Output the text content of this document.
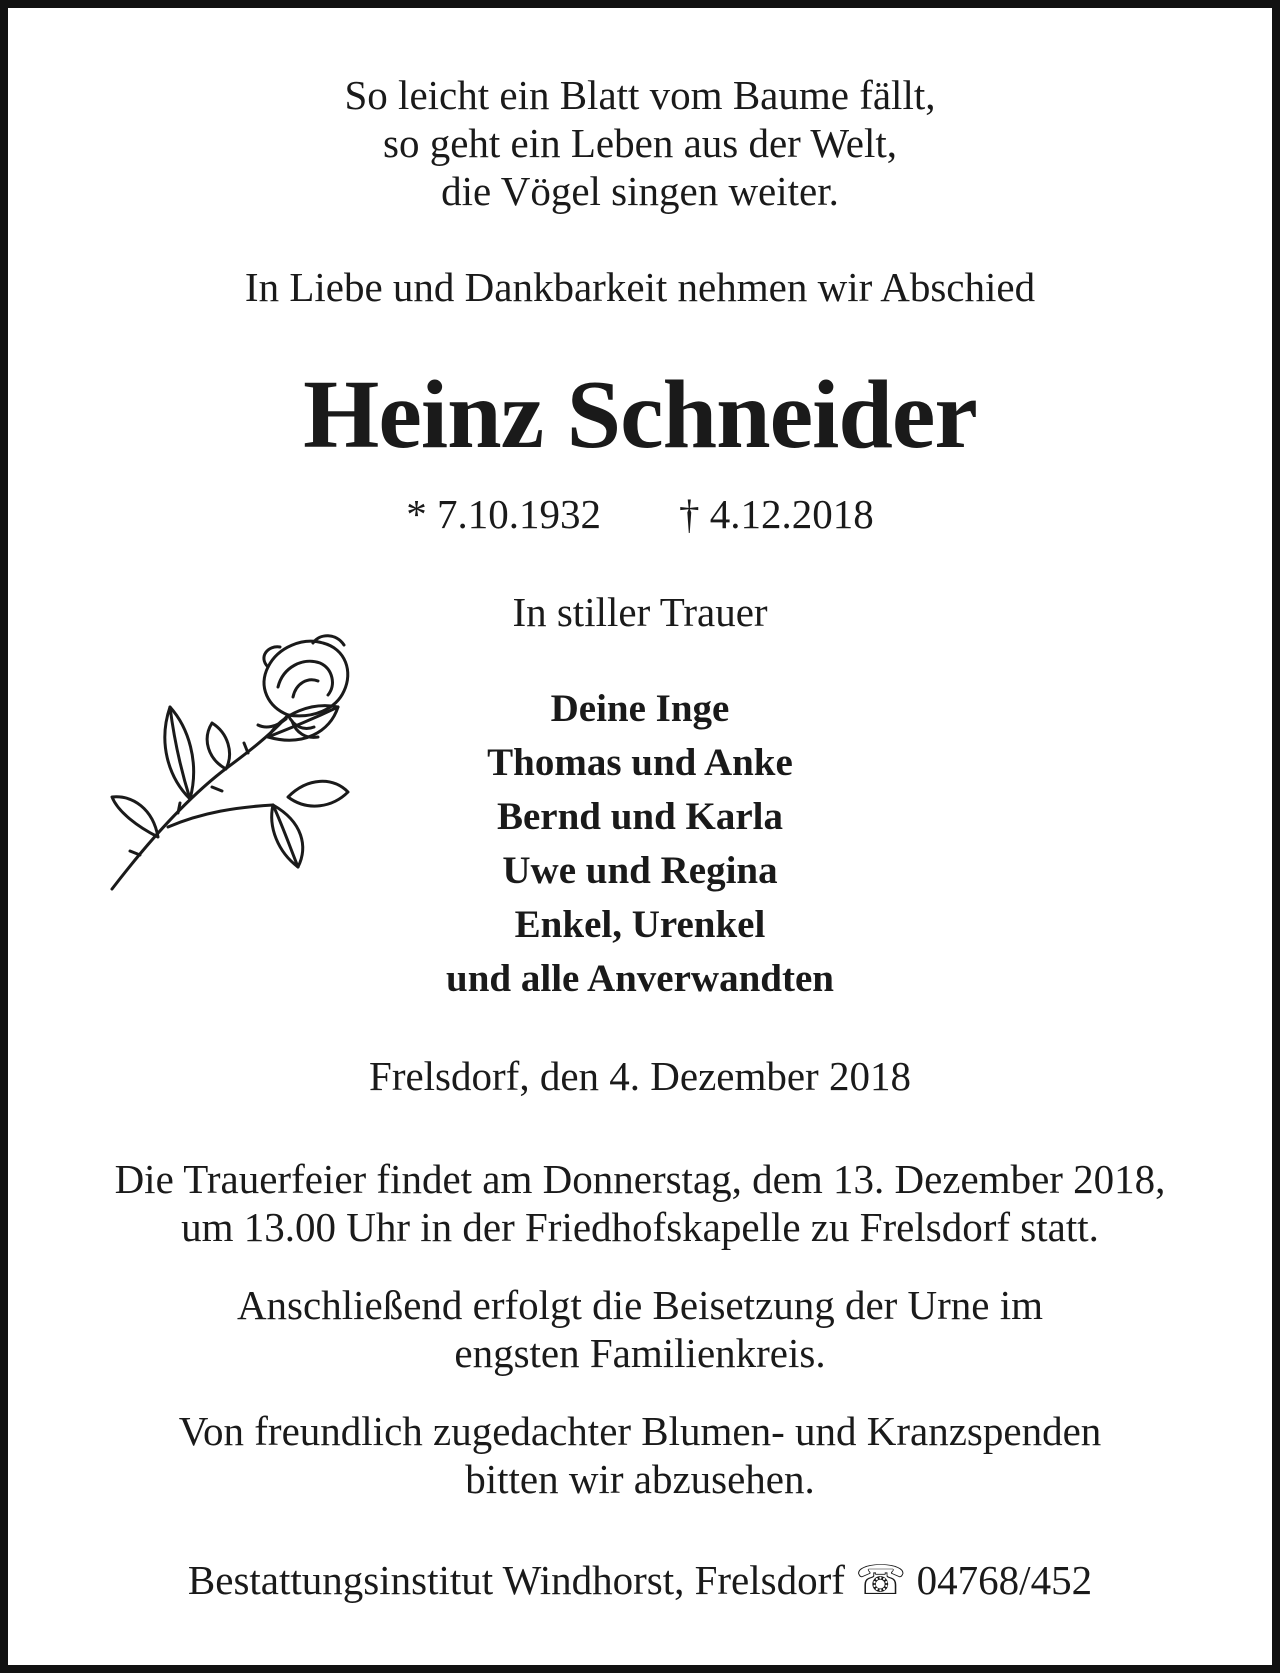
So leicht ein Blatt vom Baume fällt,
so geht ein Leben aus der Welt,
die Vögel singen weiter.
In Liebe und Dankbarkeit nehmen wir Abschied
Heinz Schneider
* 7.10.1932 † 4.12.2018
In stiller Trauer
Deine Inge
Thomas und Anke
Bernd und Karla
Uwe und Regina
Enkel, Urenkel
und alle Anverwandten
Frelsdorf, den 4. Dezember 2018
Die Trauerfeier findet am Donnerstag, dem 13. Dezember 2018,
um 13.00 Uhr in der Friedhofskapelle zu Frelsdorf statt.
Anschließend erfolgt die Beisetzung der Urne im
engsten Familienkreis.
Von freundlich zugedachter Blumen- und Kranzspenden
bitten wir abzusehen.
Bestattungsinstitut Windhorst, Frelsdorf ☏ 04768/452
